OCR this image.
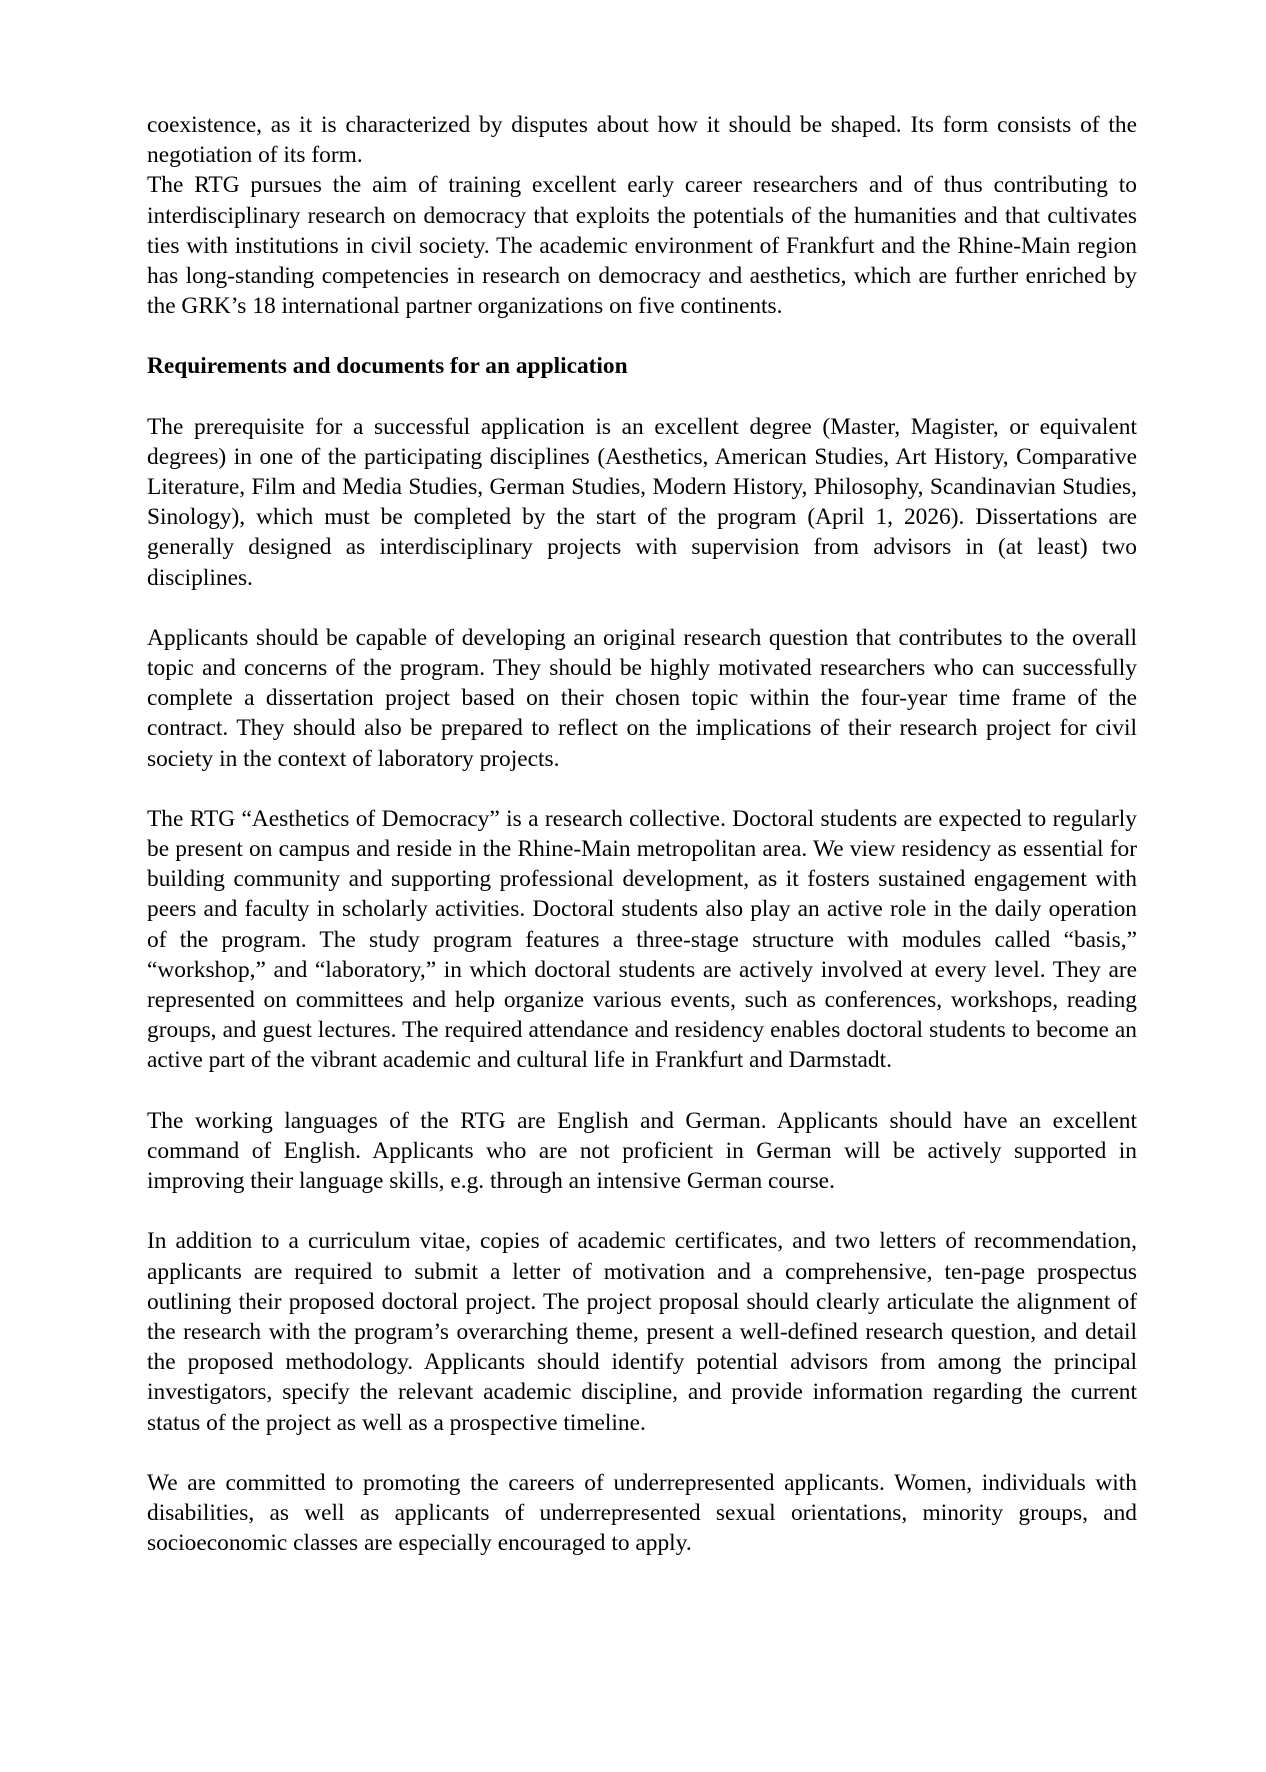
coexistence, as it is characterized by disputes about how it should be shaped. Its form consists of the negotiation of its form.

The RTG pursues the aim of training excellent early career researchers and of thus contributing to interdisciplinary research on democracy that exploits the potentials of the humanities and that cultivates ties with institutions in civil society. The academic environment of Frankfurt and the Rhine-Main region has long-standing competencies in research on democracy and aesthetics, which are further enriched by the GRK’s 18 international partner organizations on five continents.

Requirements and documents for an application

The prerequisite for a successful application is an excellent degree (Master, Magister, or equivalent degrees) in one of the participating disciplines (Aesthetics, American Studies, Art History, Comparative Literature, Film and Media Studies, German Studies, Modern History, Philosophy, Scandinavian Studies, Sinology), which must be completed by the start of the program (April 1, 2026). Dissertations are generally designed as interdisciplinary projects with supervision from advisors in (at least) two disciplines.

Applicants should be capable of developing an original research question that contributes to the overall topic and concerns of the program. They should be highly motivated researchers who can successfully complete a dissertation project based on their chosen topic within the four-year time frame of the contract. They should also be prepared to reflect on the implications of their research project for civil society in the context of laboratory projects.

The RTG “Aesthetics of Democracy” is a research collective. Doctoral students are expected to regularly be present on campus and reside in the Rhine-Main metropolitan area. We view residency as essential for building community and supporting professional development, as it fosters sustained engagement with peers and faculty in scholarly activities. Doctoral students also play an active role in the daily operation of the program. The study program features a three-stage structure with modules called “basis,” “workshop,” and “laboratory,” in which doctoral students are actively involved at every level. They are represented on committees and help organize various events, such as conferences, workshops, reading groups, and guest lectures. The required attendance and residency enables doctoral students to become an active part of the vibrant academic and cultural life in Frankfurt and Darmstadt.

The working languages of the RTG are English and German. Applicants should have an excellent command of English. Applicants who are not proficient in German will be actively supported in improving their language skills, e.g. through an intensive German course.

In addition to a curriculum vitae, copies of academic certificates, and two letters of recommendation, applicants are required to submit a letter of motivation and a comprehensive, ten-page prospectus outlining their proposed doctoral project. The project proposal should clearly articulate the alignment of the research with the program’s overarching theme, present a well-defined research question, and detail the proposed methodology. Applicants should identify potential advisors from among the principal investigators, specify the relevant academic discipline, and provide information regarding the current status of the project as well as a prospective timeline.

We are committed to promoting the careers of underrepresented applicants. Women, individuals with disabilities, as well as applicants of underrepresented sexual orientations, minority groups, and socioeconomic classes are especially encouraged to apply.
